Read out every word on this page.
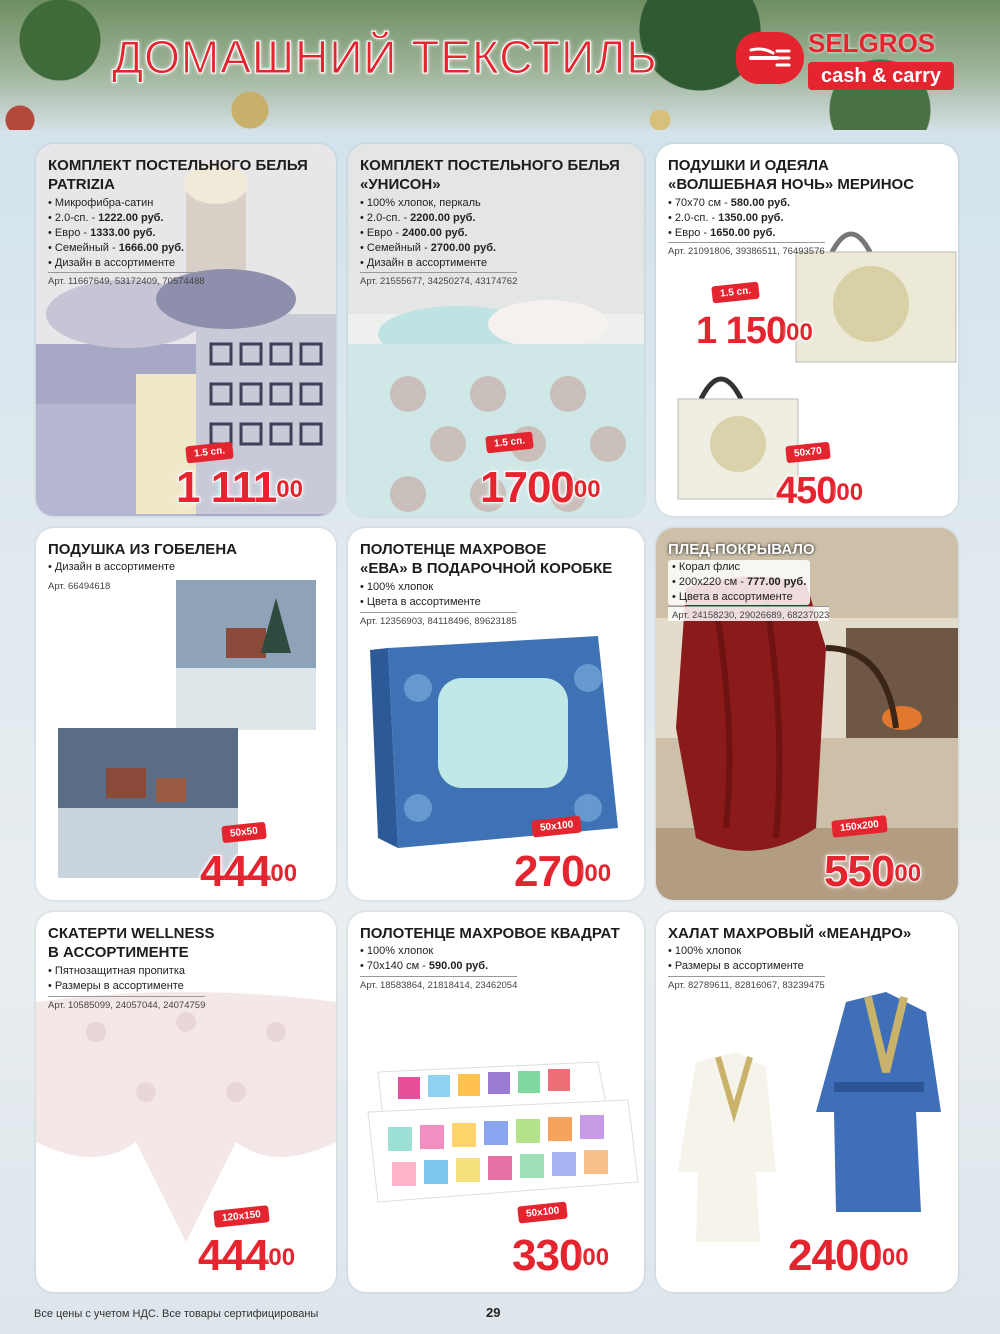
ДОМАШНИЙ ТЕКСТИЛЬ	SELGROS
cash & carry
КОМПЛЕКТ ПОСТЕЛЬНОГО БЕЛЬЯ
PATRIZIA
• Микрофибра-сатин
• 2.0-сп. - 1222.00 руб.
• Евро - 1333.00 руб.
• Семейный - 1666.00 руб.
• Дизайн в ассортименте
Арт. 11667649, 53172409, 70574488
1.5 сп.
1 $111^{00}$
КОМПЛЕКТ ПОСТЕЛЬНОГО БЕЛЬЯ
«УНИСОН»
• 100% хлопок, перкаль
• 2.0-сп. - 2200.00 руб.
• Евро - 2400.00 руб.
• Семейный - 2700.00 руб.
• Дизайн в ассортименте
Арт. 21555677, 34250274, 43174762
1.5 сп.
1700$^{00}$
ПОДУШКИ И ОДЕЯЛА
«ВОЛШЕБНАЯ НОЧЬ» МЕРИНОС
• 70х70 см - 580.00 руб.
• 2.0-сп. - 1350.00 руб.
• Евро - 1650.00 руб.
Арт. 21091806, 39386511, 76493576
1.5 сп.
1 $150^{00}$
50x70
$450^{00}$
ПОДУШКА ИЗ ГОБЕЛЕНА
• Дизайн в ассортименте
Арт. 66494618
50x50
$444^{00}$
ПОЛОТЕНЦЕ МАХРОВОЕ
«ЕВА» В ПОДАРОЧНОЙ КОРОБКЕ
• 100% хлопок
• Цвета в ассортименте
Арт. 12356903, 84118496, 89623185
50x100
$270^{00}$
ПЛЕД-ПОКРЫВАЛО
• Корал флис
• 200х220 см - 777.00 руб.
• Цвета в ассортименте
Арт. 24158230, 29026689, 68237023
150x200
$550^{00}$
СКАТЕРТИ WELLNESS
В АССОРТИМЕНТЕ
• Пятнозащитная пропитка
• Размеры в ассортименте
Арт. 10585099, 24057044, 24074759
120x150
$444^{00}$
ПОЛОТЕНЦЕ МАХРОВОЕ КВАДРАТ
• 100% хлопок
• 70х140 см - 590.00 руб.
Арт. 18583864, 21818414, 23462054
50x100
$330^{00}$
ХАЛАТ МАХРОВЫЙ «МЕАНДРО»
• 100% хлопок
• Размеры в ассортименте
Арт. 82789611, 82816067, 83239475
2400$^{00}$
Все цены с учетом НДС. Все товары сертифицированы	29
